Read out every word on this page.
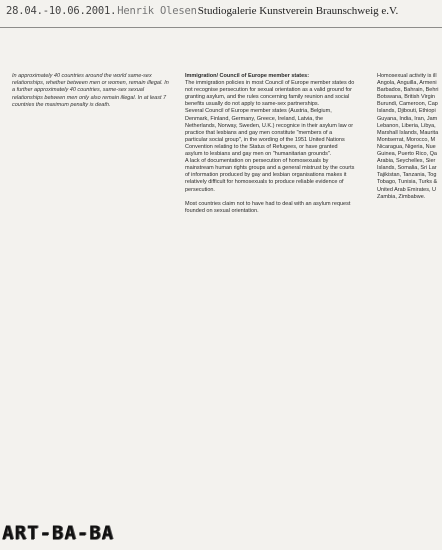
28.04.-10.06.2001. Henrik Olesen Studiogalerie Kunstverein Braunschweig e.V.
In approximately 40 countries around the world same-sex relationships, whether between men or women, remain illegal. In a further approximately 40 countries, same-sex sexual relationships between men only also remain illegal. In at least 7 countries the maximum penalty is death.
Immigration/ Council of Europe member states:
The immigration policies in most Council of Europe member states do not recognise persecution for sexual orientation as a valid ground for granting asylum, and the rules concerning family reunion and social benefits usually do not apply to same-sex partnerships.
Several Council of Europe member states (Austria, Belgium, Denmark, Finland, Germany, Greece, Ireland, Latvia, the Netherlands, Norway, Sweden, U.K.) recognice in their asylum law or practice that lesbians and gay men constitute "members of a particular social group", in the wording of the 1951 United Nations Convention relating to the Status of Refugees, or have granted asylum to lesbians and gay men on "humanitarian grounds".
A lack of documentation on persecution of homosexuals by mainstream human rights groups and a general mistrust by the courts of information produced by gay and lesbian organisations makes it relatively difficult for homosexuals to produce reliable evidence of persecution.
Most countries claim not to have had to deal with an asylum request founded on sexual orientation.
Homosexual activity is ill
Angola, Anguilla, Armeni
Barbados, Bahrain, Behri
Botswana, British Virgin
Burundi, Cameroon, Cap
Islands, Djibouti, Ethiopi
Guyana, India, Iran, Jam
Lebanon, Liberia, Libya,
Marshall Islands, Maurita
Montserrat, Morocco, M
Nicaragua, Nigeria, Nue
Guinea, Puerto Rico, Qa
Arabia, Seychelles, Sier
Islands, Somalia, Sri Lar
Tajikistan, Tanzania, Tog
Tobago, Tunisia, Turks &
United Arab Emirates, U
Zambia, Zimbabwe.
ART-BA-BA
